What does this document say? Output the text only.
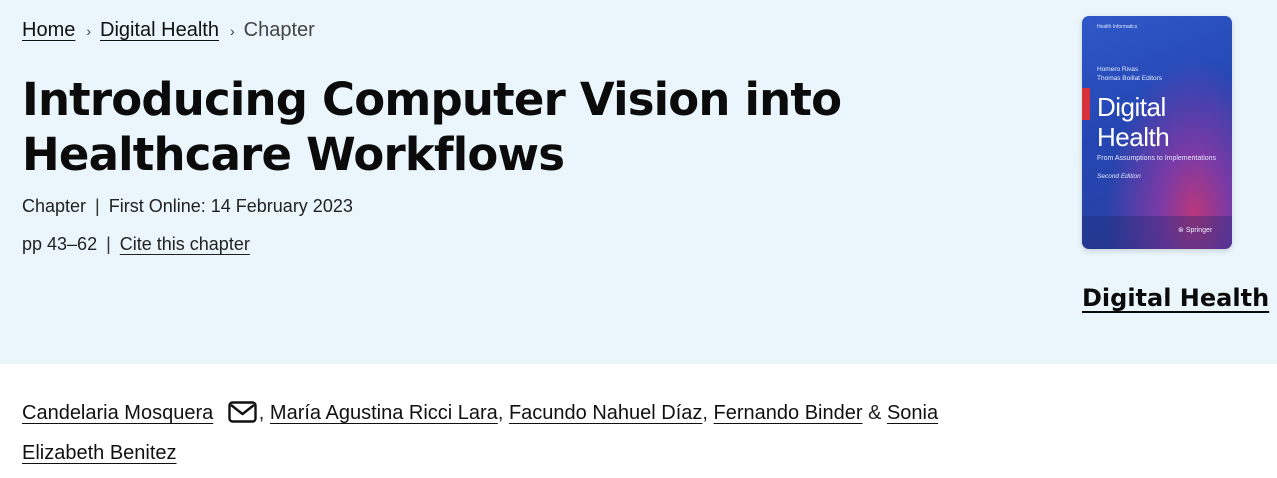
Home › Digital Health › Chapter
Introducing Computer Vision into
Healthcare Workflows
Chapter | First Online: 14 February 2023
pp 43–62 | Cite this chapter
Health Informatics
Homero Rivas
Thomas Boillat Editors
Digital
Health
From Assumptions to Implementations
Second Edition
⊛ Springer
Digital Health
Candelaria Mosquera , María Agustina Ricci Lara, Facundo Nahuel Díaz, Fernando Binder & Sonia Elizabeth Benitez
